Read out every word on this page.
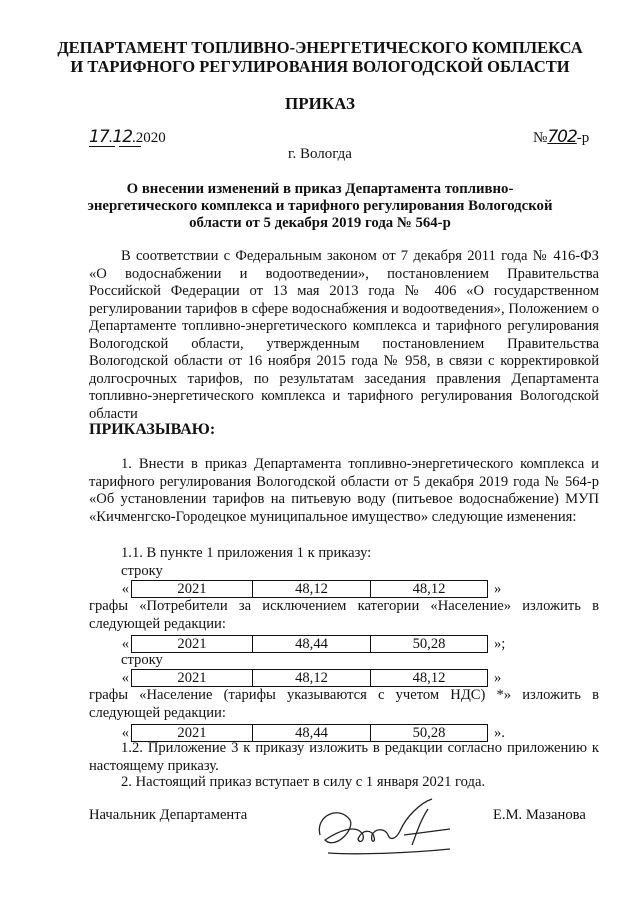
ДЕПАРТАМЕНТ ТОПЛИВНО-ЭНЕРГЕТИЧЕСКОГО КОМПЛЕКСА
И ТАРИФНОГО РЕГУЛИРОВАНИЯ ВОЛОГОДСКОЙ ОБЛАСТИ
ПРИКАЗ
17.12.2020	№702-р
г. Вологда
О внесении изменений в приказ Департамента топливно-
энергетического комплекса и тарифного регулирования Вологодской
области от 5 декабря 2019 года № 564-р

В соответствии с Федеральным законом от 7 декабря 2011 года № 416-ФЗ «О водоснабжении и водоотведении», постановлением Правительства Российской Федерации от 13 мая 2013 года № 406 «О государственном регулировании тарифов в сфере водоснабжения и водоотведения», Положением о Департаменте топливно-энергетического комплекса и тарифного регулирования Вологодской области, утвержденным постановлением Правительства Вологодской области от 16 ноября 2015 года № 958, в связи с корректировкой долгосрочных тарифов, по результатам заседания правления Департамента топливно-энергетического комплекса и тарифного регулирования Вологодской области

ПРИКАЗЫВАЮ:

1. Внести в приказ Департамента топливно-энергетического комплекса и тарифного регулирования Вологодской области от 5 декабря 2019 года № 564-р «Об установлении тарифов на питьевую воду (питьевое водоснабжение) МУП «Кичменгско-Городецкое муниципальное имущество» следующие изменения:

1.1. В пункте 1 приложения 1 к приказу:
строку
«	2021	48,12	48,12	»
графы «Потребители за исключением категории «Население» изложить в следующей редакции:
«	2021	48,44	50,28	»;
строку
«	2021	48,12	48,12	»
графы «Население (тарифы указываются с учетом НДС) *» изложить в следующей редакции:
«	2021	48,44	50,28	».

1.2. Приложение 3 к приказу изложить в редакции согласно приложению к настоящему приказу.

2. Настоящий приказ вступает в силу с 1 января 2021 года.

Начальник Департамента	Е.М. Мазанова
